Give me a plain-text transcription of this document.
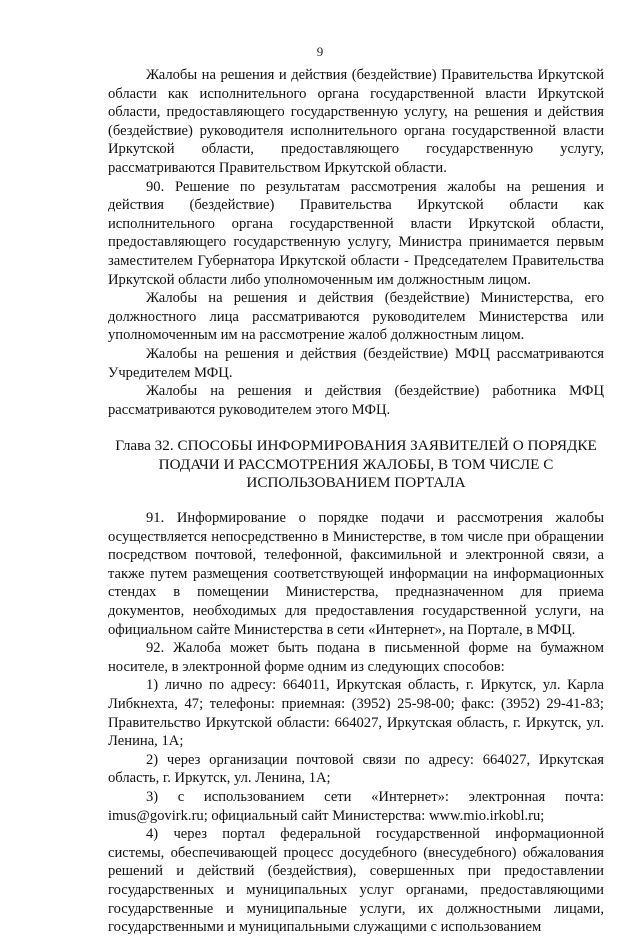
9

Жалобы на решения и действия (бездействие) Правительства Иркутской области как исполнительного органа государственной власти Иркутской области, предоставляющего государственную услугу, на решения и действия (бездействие) руководителя исполнительного органа государственной власти Иркутской области, предоставляющего государственную услугу, рассматриваются Правительством Иркутской области.

90. Решение по результатам рассмотрения жалобы на решения и действия (бездействие) Правительства Иркутской области как исполнительного органа государственной власти Иркутской области, предоставляющего государственную услугу, Министра принимается первым заместителем Губернатора Иркутской области - Председателем Правительства Иркутской области либо уполномоченным им должностным лицом.

Жалобы на решения и действия (бездействие) Министерства, его должностного лица рассматриваются руководителем Министерства или уполномоченным им на рассмотрение жалоб должностным лицом.

Жалобы на решения и действия (бездействие) МФЦ рассматриваются Учредителем МФЦ.

Жалобы на решения и действия (бездействие) работника МФЦ рассматриваются руководителем этого МФЦ.

Глава 32. СПОСОБЫ ИНФОРМИРОВАНИЯ ЗАЯВИТЕЛЕЙ О ПОРЯДКЕ ПОДАЧИ И РАССМОТРЕНИЯ ЖАЛОБЫ, В ТОМ ЧИСЛЕ С ИСПОЛЬЗОВАНИЕМ ПОРТАЛА

91. Информирование о порядке подачи и рассмотрения жалобы осуществляется непосредственно в Министерстве, в том числе при обращении посредством почтовой, телефонной, факсимильной и электронной связи, а также путем размещения соответствующей информации на информационных стендах в помещении Министерства, предназначенном для приема документов, необходимых для предоставления государственной услуги, на официальном сайте Министерства в сети «Интернет», на Портале, в МФЦ.

92. Жалоба может быть подана в письменной форме на бумажном носителе, в электронной форме одним из следующих способов:

1) лично по адресу: 664011, Иркутская область, г. Иркутск, ул. Карла Либкнехта, 47; телефоны: приемная: (3952) 25-98-00; факс: (3952) 29-41-83; Правительство Иркутской области: 664027, Иркутская область, г. Иркутск, ул. Ленина, 1А;

2) через организации почтовой связи по адресу: 664027, Иркутская область, г. Иркутск, ул. Ленина, 1А;

3) с использованием сети «Интернет»: электронная почта: imus@govirk.ru; официальный сайт Министерства: www.mio.irkobl.ru;

4) через портал федеральной государственной информационной системы, обеспечивающей процесс досудебного (внесудебного) обжалования решений и действий (бездействия), совершенных при предоставлении государственных и муниципальных услуг органами, предоставляющими государственные и муниципальные услуги, их должностными лицами, государственными и муниципальными служащими с использованием
